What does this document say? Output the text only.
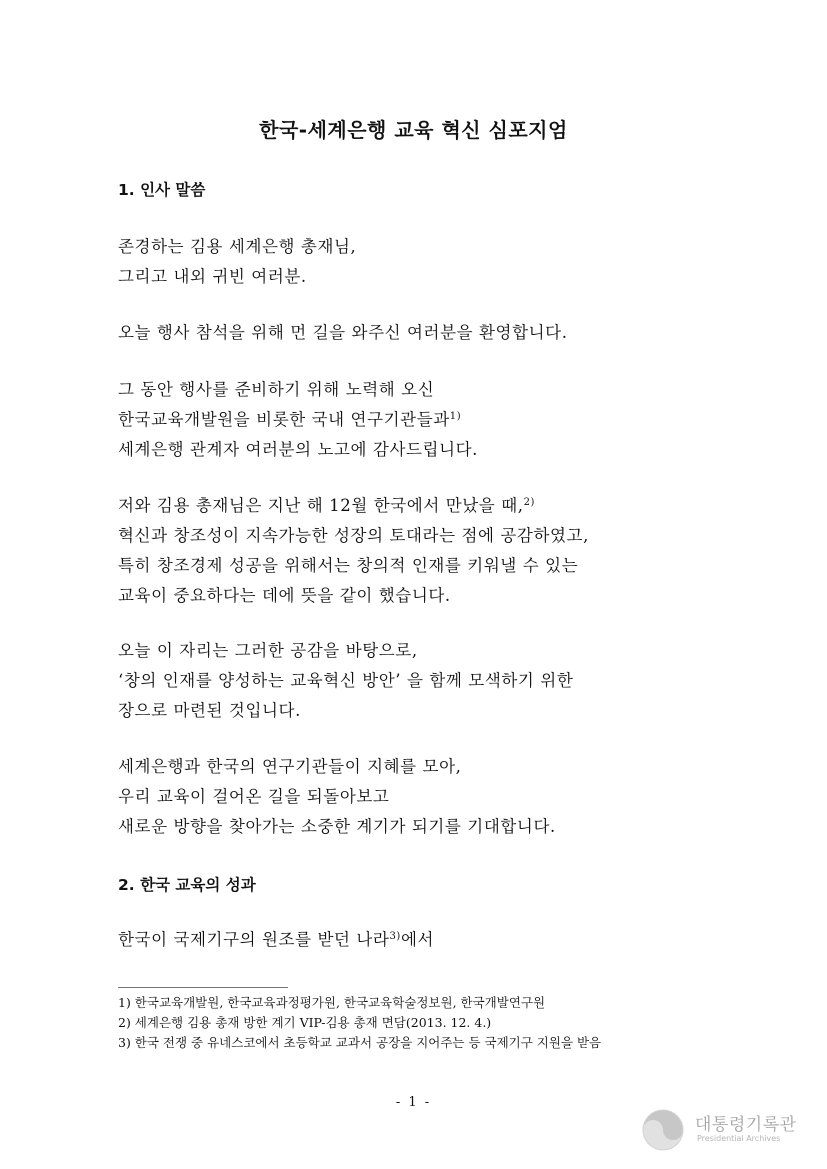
한국-세계은행 교육 혁신 심포지엄
1. 인사 말씀
존경하는 김용 세계은행 총재님,
그리고 내외 귀빈 여러분.
오늘 행사 참석을 위해 먼 길을 와주신 여러분을 환영합니다.
그 동안 행사를 준비하기 위해 노력해 오신
한국교육개발원을 비롯한 국내 연구기관들과$^{1)}$
세계은행 관계자 여러분의 노고에 감사드립니다.
저와 김용 총재님은 지난 해 12월 한국에서 만났을 때,$^{2)}$
혁신과 창조성이 지속가능한 성장의 토대라는 점에 공감하였고,
특히 창조경제 성공을 위해서는 창의적 인재를 키워낼 수 있는
교육이 중요하다는 데에 뜻을 같이 했습니다.
오늘 이 자리는 그러한 공감을 바탕으로,
‘창의 인재를 양성하는 교육혁신 방안’ 을 함께 모색하기 위한
장으로 마련된 것입니다.
세계은행과 한국의 연구기관들이 지혜를 모아,
우리 교육이 걸어온 길을 되돌아보고
새로운 방향을 찾아가는 소중한 계기가 되기를 기대합니다.
2. 한국 교육의 성과
한국이 국제기구의 원조를 받던 나라$^{3)}$에서
1) 한국교육개발원, 한국교육과정평가원, 한국교육학술정보원, 한국개발연구원
2) 세계은행 김용 총재 방한 계기 VIP-김용 총재 면담(2013. 12. 4.)
3) 한국 전쟁 중 유네스코에서 초등학교 교과서 공장을 지어주는 등 국제기구 지원을 받음
- 1 -
대통령기록관
Presidential Archives
